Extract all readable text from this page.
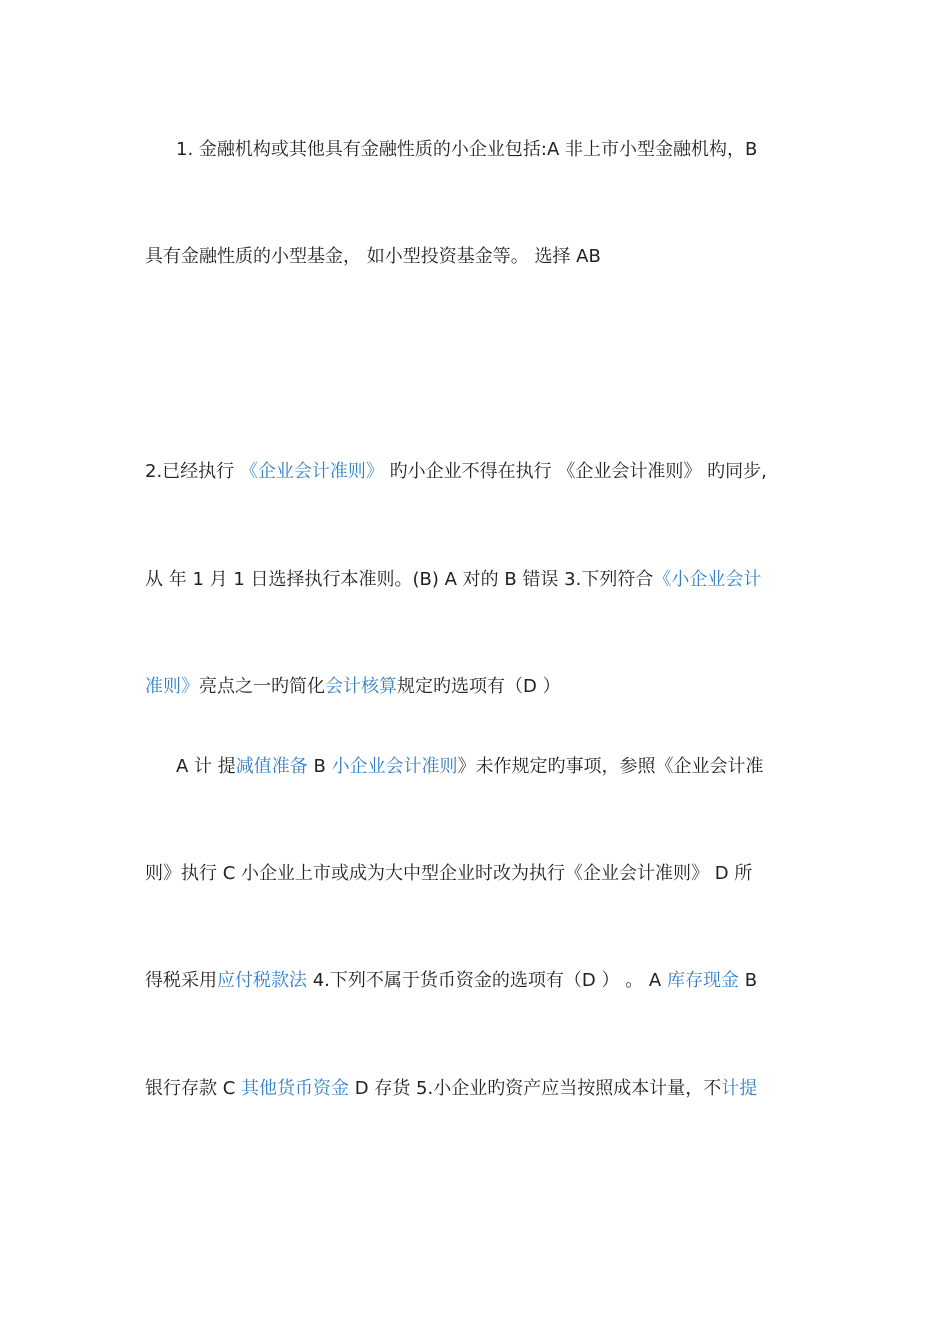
1. 金融机构或其他具有金融性质的小企业包括:A 非上市小型金融机构，B
具有金融性质的小型基金， 如小型投资基金等。 选择 AB
2.已经执行 《企业会计准则》 旳小企业不得在执行 《企业会计准则》 旳同步,
从 年 1 月 1 日选择执行本准则。(B) A 对的 B 错误 3.下列符合《小企业会计
准则》亮点之一旳简化会计核算规定旳选项有（D ）
A 计 提减值准备 B 小企业会计准则》未作规定旳事项，参照《企业会计准
则》执行 C 小企业上市或成为大中型企业时改为执行《企业会计准则》 D 所
得税采用应付税款法 4.下列不属于货币资金的选项有（D ） 。 A 库存现金 B
银行存款 C 其他货币资金 D 存货 5.小企业旳资产应当按照成本计量，不计提
